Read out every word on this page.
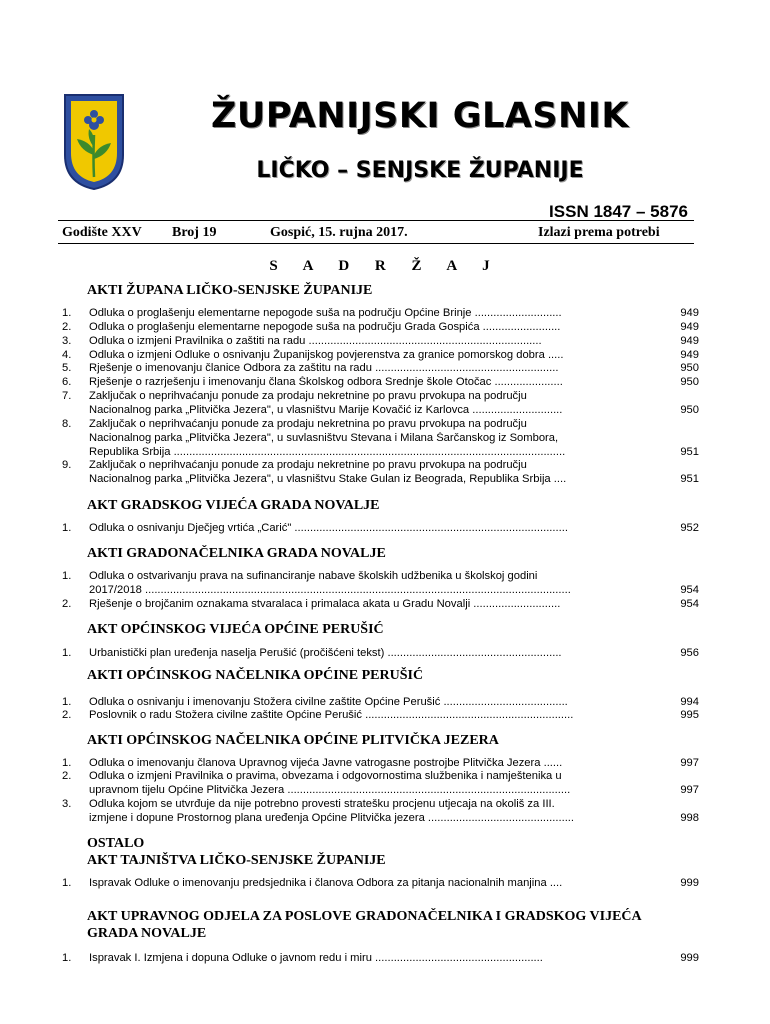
ŽUPANIJSKI GLASNIK
LIČKO – SENJSKE ŽUPANIJE
ISSN 1847 – 5876
Godište XXV Broj 19	Gospić, 15. rujna 2017.	Izlazi prema potrebi
S A D R Ž A J
AKTI ŽUPANA LIČKO-SENJSKE ŽUPANIJE
1. Odluka o proglašenju elementarne nepogode suša na području Općine Brinje ............................	949
2. Odluka o proglašenju elementarne nepogode suša na području Grada Gospića .........................	949
3. Odluka o izmjeni Pravilnika o zaštiti na radu ...........................................................................	949
4. Odluka o izmjeni Odluke o osnivanju Županijskog povjerenstva za granice pomorskog dobra .....	949
5. Rješenje o imenovanju članice Odbora za zaštitu na radu ...........................................................	950
6. Rješenje o razrješenju i imenovanju člana Školskog odbora Srednje škole Otočac ......................	950
7. Zaključak o neprihvaćanju ponude za prodaju nekretnine po pravu prvokupa na području
Nacionalnog parka „Plitvička Jezera", u vlasništvu Marije Kovačić iz Karlovca .............................	950
8. Zaključak o neprihvaćanju ponude za prodaju nekretnina po pravu prvokupa na području
Nacionalnog parka „Plitvička Jezera", u suvlasništvu Stevana i Milana Šarčanskog iz Sombora,
Republika Srbija ..............................................................................................................................	951
9. Zaključak o neprihvaćanju ponude za prodaju nekretnine po pravu prvokupa na području
Nacionalnog parka „Plitvička Jezera", u vlasništvu Stake Gulan iz Beograda, Republika Srbija ....	951
AKT GRADSKOG VIJEĆA GRADA NOVALJE
1. Odluka o osnivanju Dječjeg vrtića „Carić" ........................................................................................	952
AKTI GRADONAČELNIKA GRADA NOVALJE
1. Odluka o ostvarivanju prava na sufinanciranje nabave školskih udžbenika u školskoj godini
2017/2018 .........................................................................................................................................	954
2. Rješenje o brojčanim oznakama stvaralaca i primalaca akata u Gradu Novalji ............................	954
AKT OPĆINSKOG VIJEĆA OPĆINE PERUŠIĆ
1. Urbanistički plan uređenja naselja Perušić (pročišćeni tekst) ........................................................	956
AKTI OPĆINSKOG NAČELNIKA OPĆINE PERUŠIĆ
1. Odluka o osnivanju i imenovanju Stožera civilne zaštite Općine Perušić ........................................	994
2. Poslovnik o radu Stožera civilne zaštite Općine Perušić ...................................................................	995
AKTI OPĆINSKOG NAČELNIKA OPĆINE PLITVIČKA JEZERA
1. Odluka o imenovanju članova Upravnog vijeća Javne vatrogasne postrojbe Plitvička Jezera ......	997
2. Odluka o izmjeni Pravilnika o pravima, obvezama i odgovornostima službenika i namještenika u
upravnom tijelu Općine Plitvička Jezera ...........................................................................................	997
3. Odluka kojom se utvrđuje da nije potrebno provesti stratešku procjenu utjecaja na okoliš za III.
izmjene i dopune Prostornog plana uređenja Općine Plitvička jezera ...............................................	998
OSTALO
AKT TAJNIŠTVA LIČKO-SENJSKE ŽUPANIJE
1. Ispravak Odluke o imenovanju predsjednika i članova Odbora za pitanja nacionalnih manjina ....	999
AKT UPRAVNOG ODJELA ZA POSLOVE GRADONAČELNIKA I GRADSKOG VIJEĆA
GRADA NOVALJE
1. Ispravak I. Izmjena i dopuna Odluke o javnom redu i miru ......................................................	999
